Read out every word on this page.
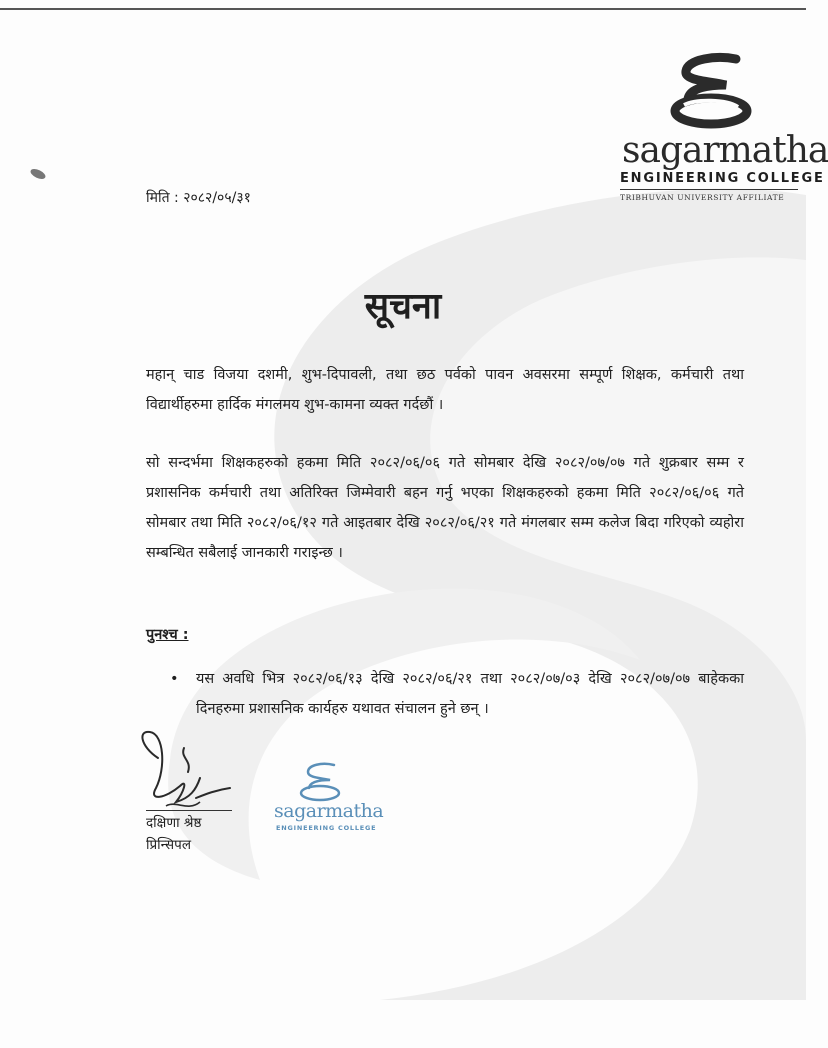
sagarmatha
ENGINEERING COLLEGE
TRIBHUVAN UNIVERSITY AFFILIATE
मिति : २०८२/०५/३१
सूचना
महान् चाड विजया दशमी, शुभ-दिपावली, तथा छठ पर्वको पावन अवसरमा सम्पूर्ण शिक्षक, कर्मचारी तथा विद्यार्थीहरुमा हार्दिक मंगलमय शुभ-कामना व्यक्त गर्दछौं ।
सो सन्दर्भमा शिक्षकहरुको हकमा मिति २०८२/०६/०६ गते सोमबार देखि २०८२/०७/०७ गते शुक्रबार सम्म र प्रशासनिक कर्मचारी तथा अतिरिक्त जिम्मेवारी बहन गर्नु भएका शिक्षकहरुको हकमा मिति २०८२/०६/०६ गते सोमबार तथा मिति २०८२/०६/१२ गते आइतबार देखि २०८२/०६/२१ गते मंगलबार सम्म कलेज बिदा गरिएको व्यहोरा सम्बन्धित सबैलाई जानकारी गराइन्छ ।
पुनश्च :
• यस अवधि भित्र २०८२/०६/१३ देखि २०८२/०६/२१ तथा २०८२/०७/०३ देखि २०८२/०७/०७ बाहेकका दिनहरुमा प्रशासनिक कार्यहरु यथावत संचालन हुने छन् ।
दक्षिणा श्रेष्ठ
प्रिन्सिपल
sagarmatha
ENGINEERING COLLEGE
